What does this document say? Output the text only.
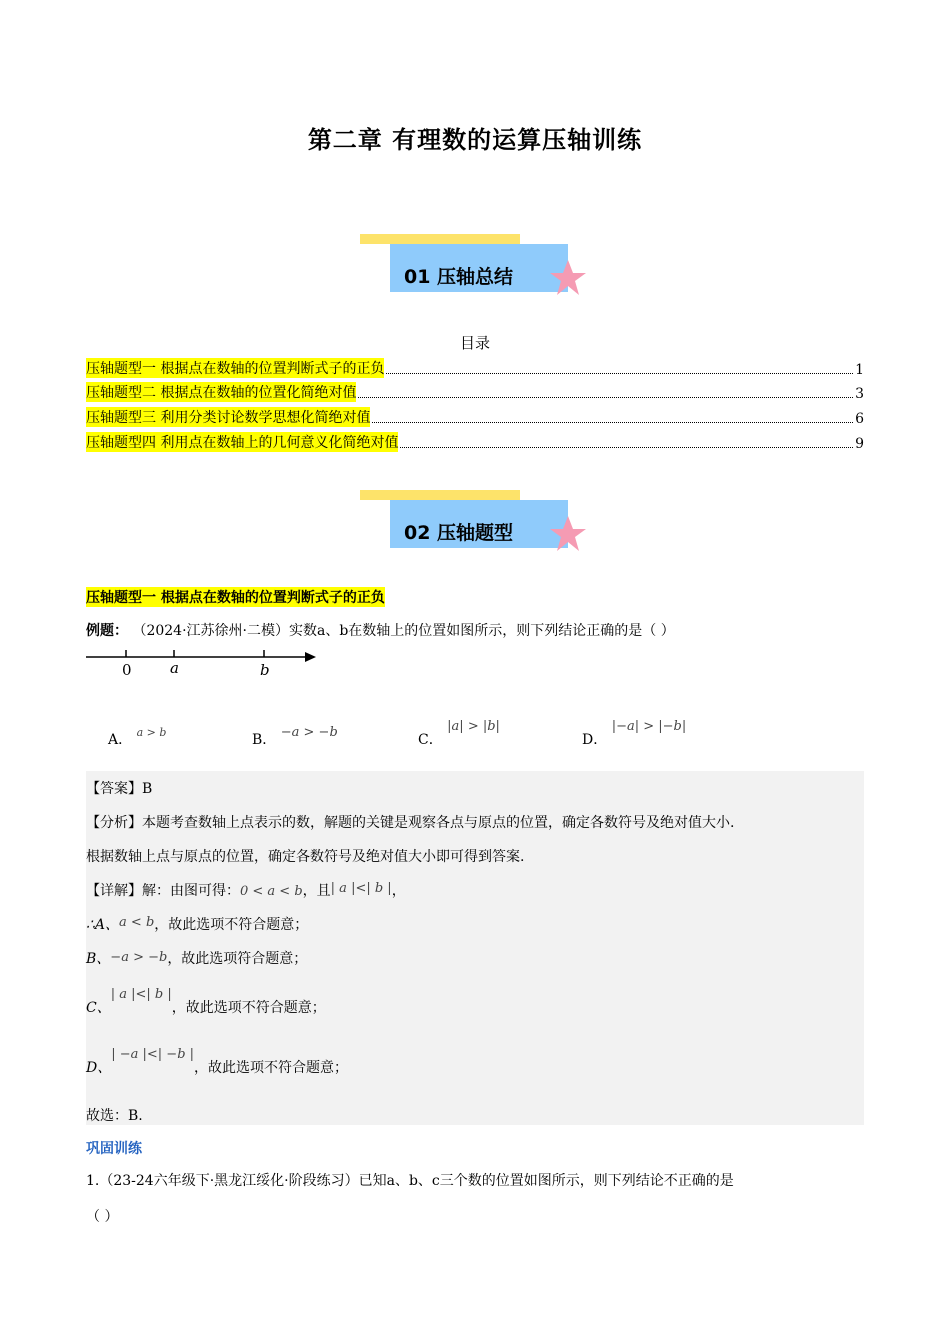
第二章 有理数的运算压轴训练
01 压轴总结
目录
压轴题型一 根据点在数轴的位置判断式子的正负	1
压轴题型二 根据点在数轴的位置化简绝对值	3
压轴题型三 利用分类讨论数学思想化简绝对值	6
压轴题型四 利用点在数轴上的几何意义化简绝对值	9
02 压轴题型
压轴题型一 根据点在数轴的位置判断式子的正负
例题： （2024·江苏徐州·二模）实数a、b在数轴上的位置如图所示，则下列结论正确的是（ ）
0	a	b
A． $^{a > b}$	B． −a > −b	C． |a| > |b|
D． |−a| > |−b|
【答案】B
【分析】本题考查数轴上点表示的数，解题的关键是观察各点与原点的位置，确定各数符号及绝对值大小.
根据数轴上点与原点的位置，确定各数符号及绝对值大小即可得到答案.
【详解】解：由图可得：0 < a < b，且| a |<| b |，
∴A、a < b，故此选项不符合题意；
B、−a > −b，故此选项符合题意；
C、| a |<| b |，故此选项不符合题意；
D、| −a |<| −b |，故此选项不符合题意；
故选：B.
巩固训练
1.（23-24六年级下·黑龙江绥化·阶段练习）已知a、b、c三个数的位置如图所示，则下列结论不正确的是
（ ）
